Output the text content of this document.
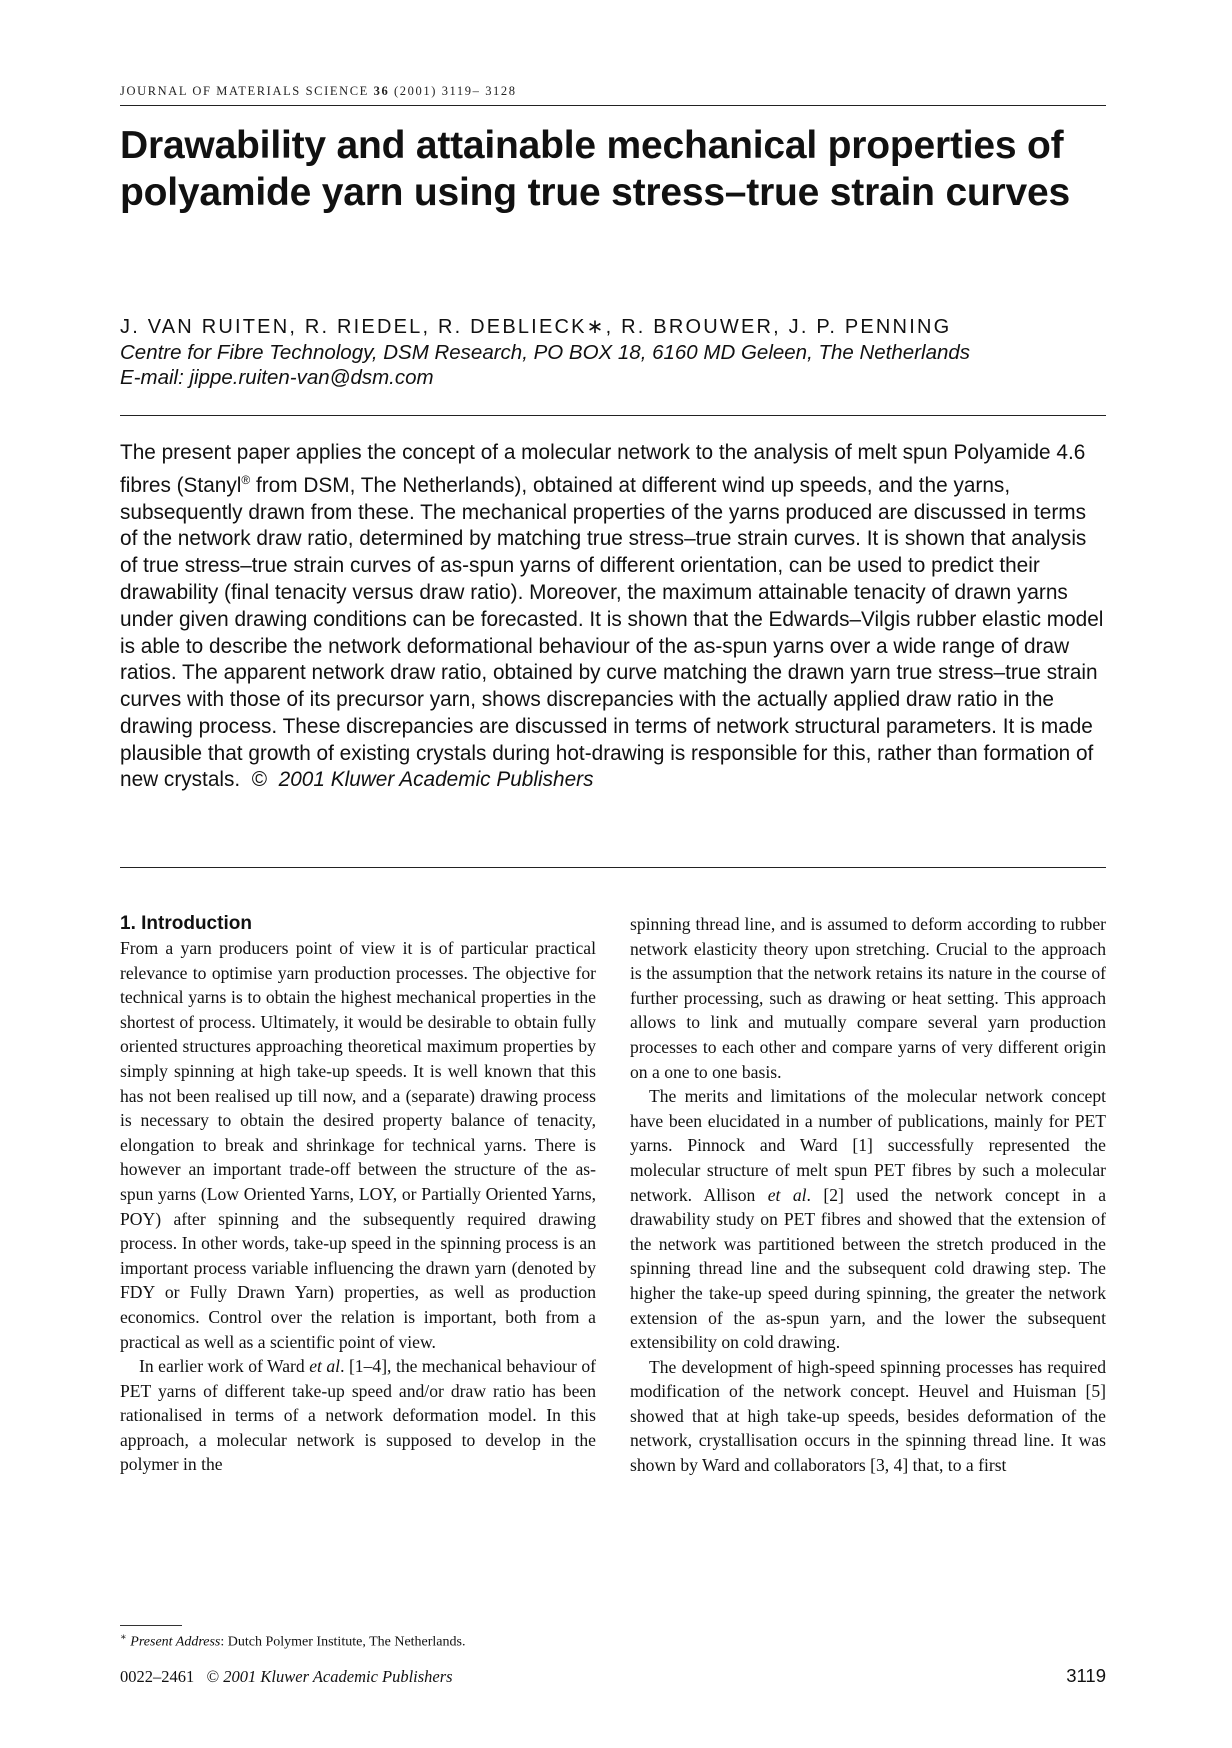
JOURNAL OF MATERIALS SCIENCE 36 (2001) 3119– 3128
Drawability and attainable mechanical properties of polyamide yarn using true stress–true strain curves
J. VAN RUITEN, R. RIEDEL, R. DEBLIECK∗, R. BROUWER, J. P. PENNING
Centre for Fibre Technology, DSM Research, PO BOX 18, 6160 MD Geleen, The Netherlands
E-mail: jippe.ruiten-van@dsm.com

The present paper applies the concept of a molecular network to the analysis of melt spun Polyamide 4.6 fibres (Stanyl® from DSM, The Netherlands), obtained at different wind up speeds, and the yarns, subsequently drawn from these. The mechanical properties of the yarns produced are discussed in terms of the network draw ratio, determined by matching true stress–true strain curves. It is shown that analysis of true stress–true strain curves of as-spun yarns of different orientation, can be used to predict their drawability (final tenacity versus draw ratio). Moreover, the maximum attainable tenacity of drawn yarns under given drawing conditions can be forecasted. It is shown that the Edwards–Vilgis rubber elastic model is able to describe the network deformational behaviour of the as-spun yarns over a wide range of draw ratios. The apparent network draw ratio, obtained by curve matching the drawn yarn true stress–true strain curves with those of its precursor yarn, shows discrepancies with the actually applied draw ratio in the drawing process. These discrepancies are discussed in terms of network structural parameters. It is made plausible that growth of existing crystals during hot-drawing is responsible for this, rather than formation of new crystals. © 2001 Kluwer Academic Publishers

1. Introduction

From a yarn producers point of view it is of particular practical relevance to optimise yarn production processes. The objective for technical yarns is to obtain the highest mechanical properties in the shortest of process. Ultimately, it would be desirable to obtain fully oriented structures approaching theoretical maximum properties by simply spinning at high take-up speeds. It is well known that this has not been realised up till now, and a (separate) drawing process is necessary to obtain the desired property balance of tenacity, elongation to break and shrinkage for technical yarns. There is however an important trade-off between the structure of the as-spun yarns (Low Oriented Yarns, LOY, or Partially Oriented Yarns, POY) after spinning and the subsequently required drawing process. In other words, take-up speed in the spinning process is an important process variable influencing the drawn yarn (denoted by FDY or Fully Drawn Yarn) properties, as well as production economics. Control over the relation is important, both from a practical as well as a scientific point of view.

In earlier work of Ward et al. [1–4], the mechanical behaviour of PET yarns of different take-up speed and/or draw ratio has been rationalised in terms of a network deformation model. In this approach, a molecular network is supposed to develop in the polymer in the

spinning thread line, and is assumed to deform according to rubber network elasticity theory upon stretching. Crucial to the approach is the assumption that the network retains its nature in the course of further processing, such as drawing or heat setting. This approach allows to link and mutually compare several yarn production processes to each other and compare yarns of very different origin on a one to one basis.

The merits and limitations of the molecular network concept have been elucidated in a number of publications, mainly for PET yarns. Pinnock and Ward [1] successfully represented the molecular structure of melt spun PET fibres by such a molecular network. Allison et al. [2] used the network concept in a drawability study on PET fibres and showed that the extension of the network was partitioned between the stretch produced in the spinning thread line and the subsequent cold drawing step. The higher the take-up speed during spinning, the greater the network extension of the as-spun yarn, and the lower the subsequent extensibility on cold drawing.

The development of high-speed spinning processes has required modification of the network concept. Heuvel and Huisman [5] showed that at high take-up speeds, besides deformation of the network, crystallisation occurs in the spinning thread line. It was shown by Ward and collaborators [3, 4] that, to a first

∗ Present Address: Dutch Polymer Institute, The Netherlands.
0022–2461 © 2001 Kluwer Academic Publishers	3119
